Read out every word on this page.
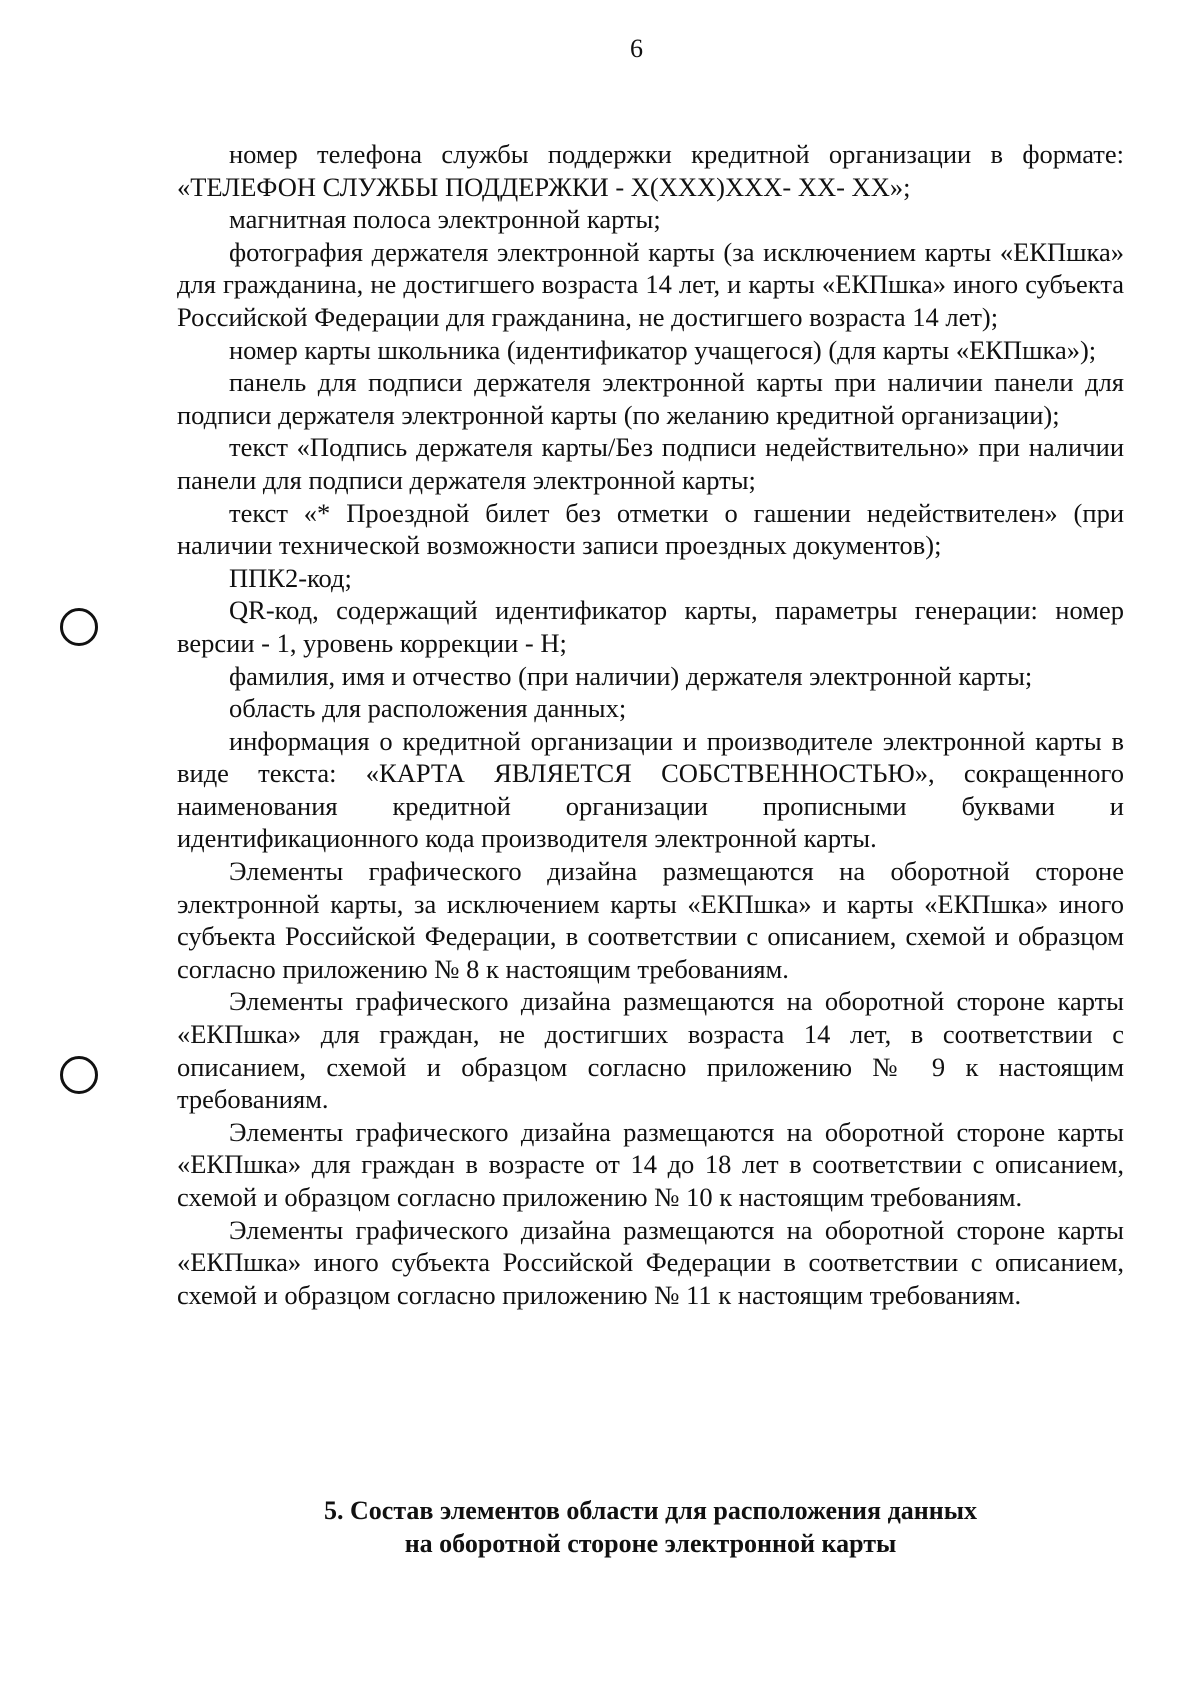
6

номер телефона службы поддержки кредитной организации в формате: «ТЕЛЕФОН СЛУЖБЫ ПОДДЕРЖКИ - X(XXX)XXX- XX- XX»;

магнитная полоса электронной карты;

фотография держателя электронной карты (за исключением карты «ЕКПшка» для гражданина, не достигшего возраста 14 лет, и карты «ЕКПшка» иного субъекта Российской Федерации для гражданина, не достигшего возраста 14 лет);

номер карты школьника (идентификатор учащегося) (для карты «ЕКПшка»);

панель для подписи держателя электронной карты при наличии панели для подписи держателя электронной карты (по желанию кредитной организации);

текст «Подпись держателя карты/Без подписи недействительно» при наличии панели для подписи держателя электронной карты;

текст «* Проездной билет без отметки о гашении недействителен» (при наличии технической возможности записи проездных документов);

ППК2-код;

QR-код, содержащий идентификатор карты, параметры генерации: номер версии - 1, уровень коррекции - H;

фамилия, имя и отчество (при наличии) держателя электронной карты;

область для расположения данных;

информация о кредитной организации и производителе электронной карты в виде текста: «КАРТА ЯВЛЯЕТСЯ СОБСТВЕННОСТЬЮ», сокращенного наименования кредитной организации прописными буквами и идентификационного кода производителя электронной карты.

Элементы графического дизайна размещаются на оборотной стороне электронной карты, за исключением карты «ЕКПшка» и карты «ЕКПшка» иного субъекта Российской Федерации, в соответствии с описанием, схемой и образцом согласно приложению № 8 к настоящим требованиям.

Элементы графического дизайна размещаются на оборотной стороне карты «ЕКПшка» для граждан, не достигших возраста 14 лет, в соответствии с описанием, схемой и образцом согласно приложению № 9 к настоящим требованиям.

Элементы графического дизайна размещаются на оборотной стороне карты «ЕКПшка» для граждан в возрасте от 14 до 18 лет в соответствии с описанием, схемой и образцом согласно приложению № 10 к настоящим требованиям.

Элементы графического дизайна размещаются на оборотной стороне карты «ЕКПшка» иного субъекта Российской Федерации в соответствии с описанием, схемой и образцом согласно приложению № 11 к настоящим требованиям.

5. Состав элементов области для расположения данных
на оборотной стороне электронной карты
